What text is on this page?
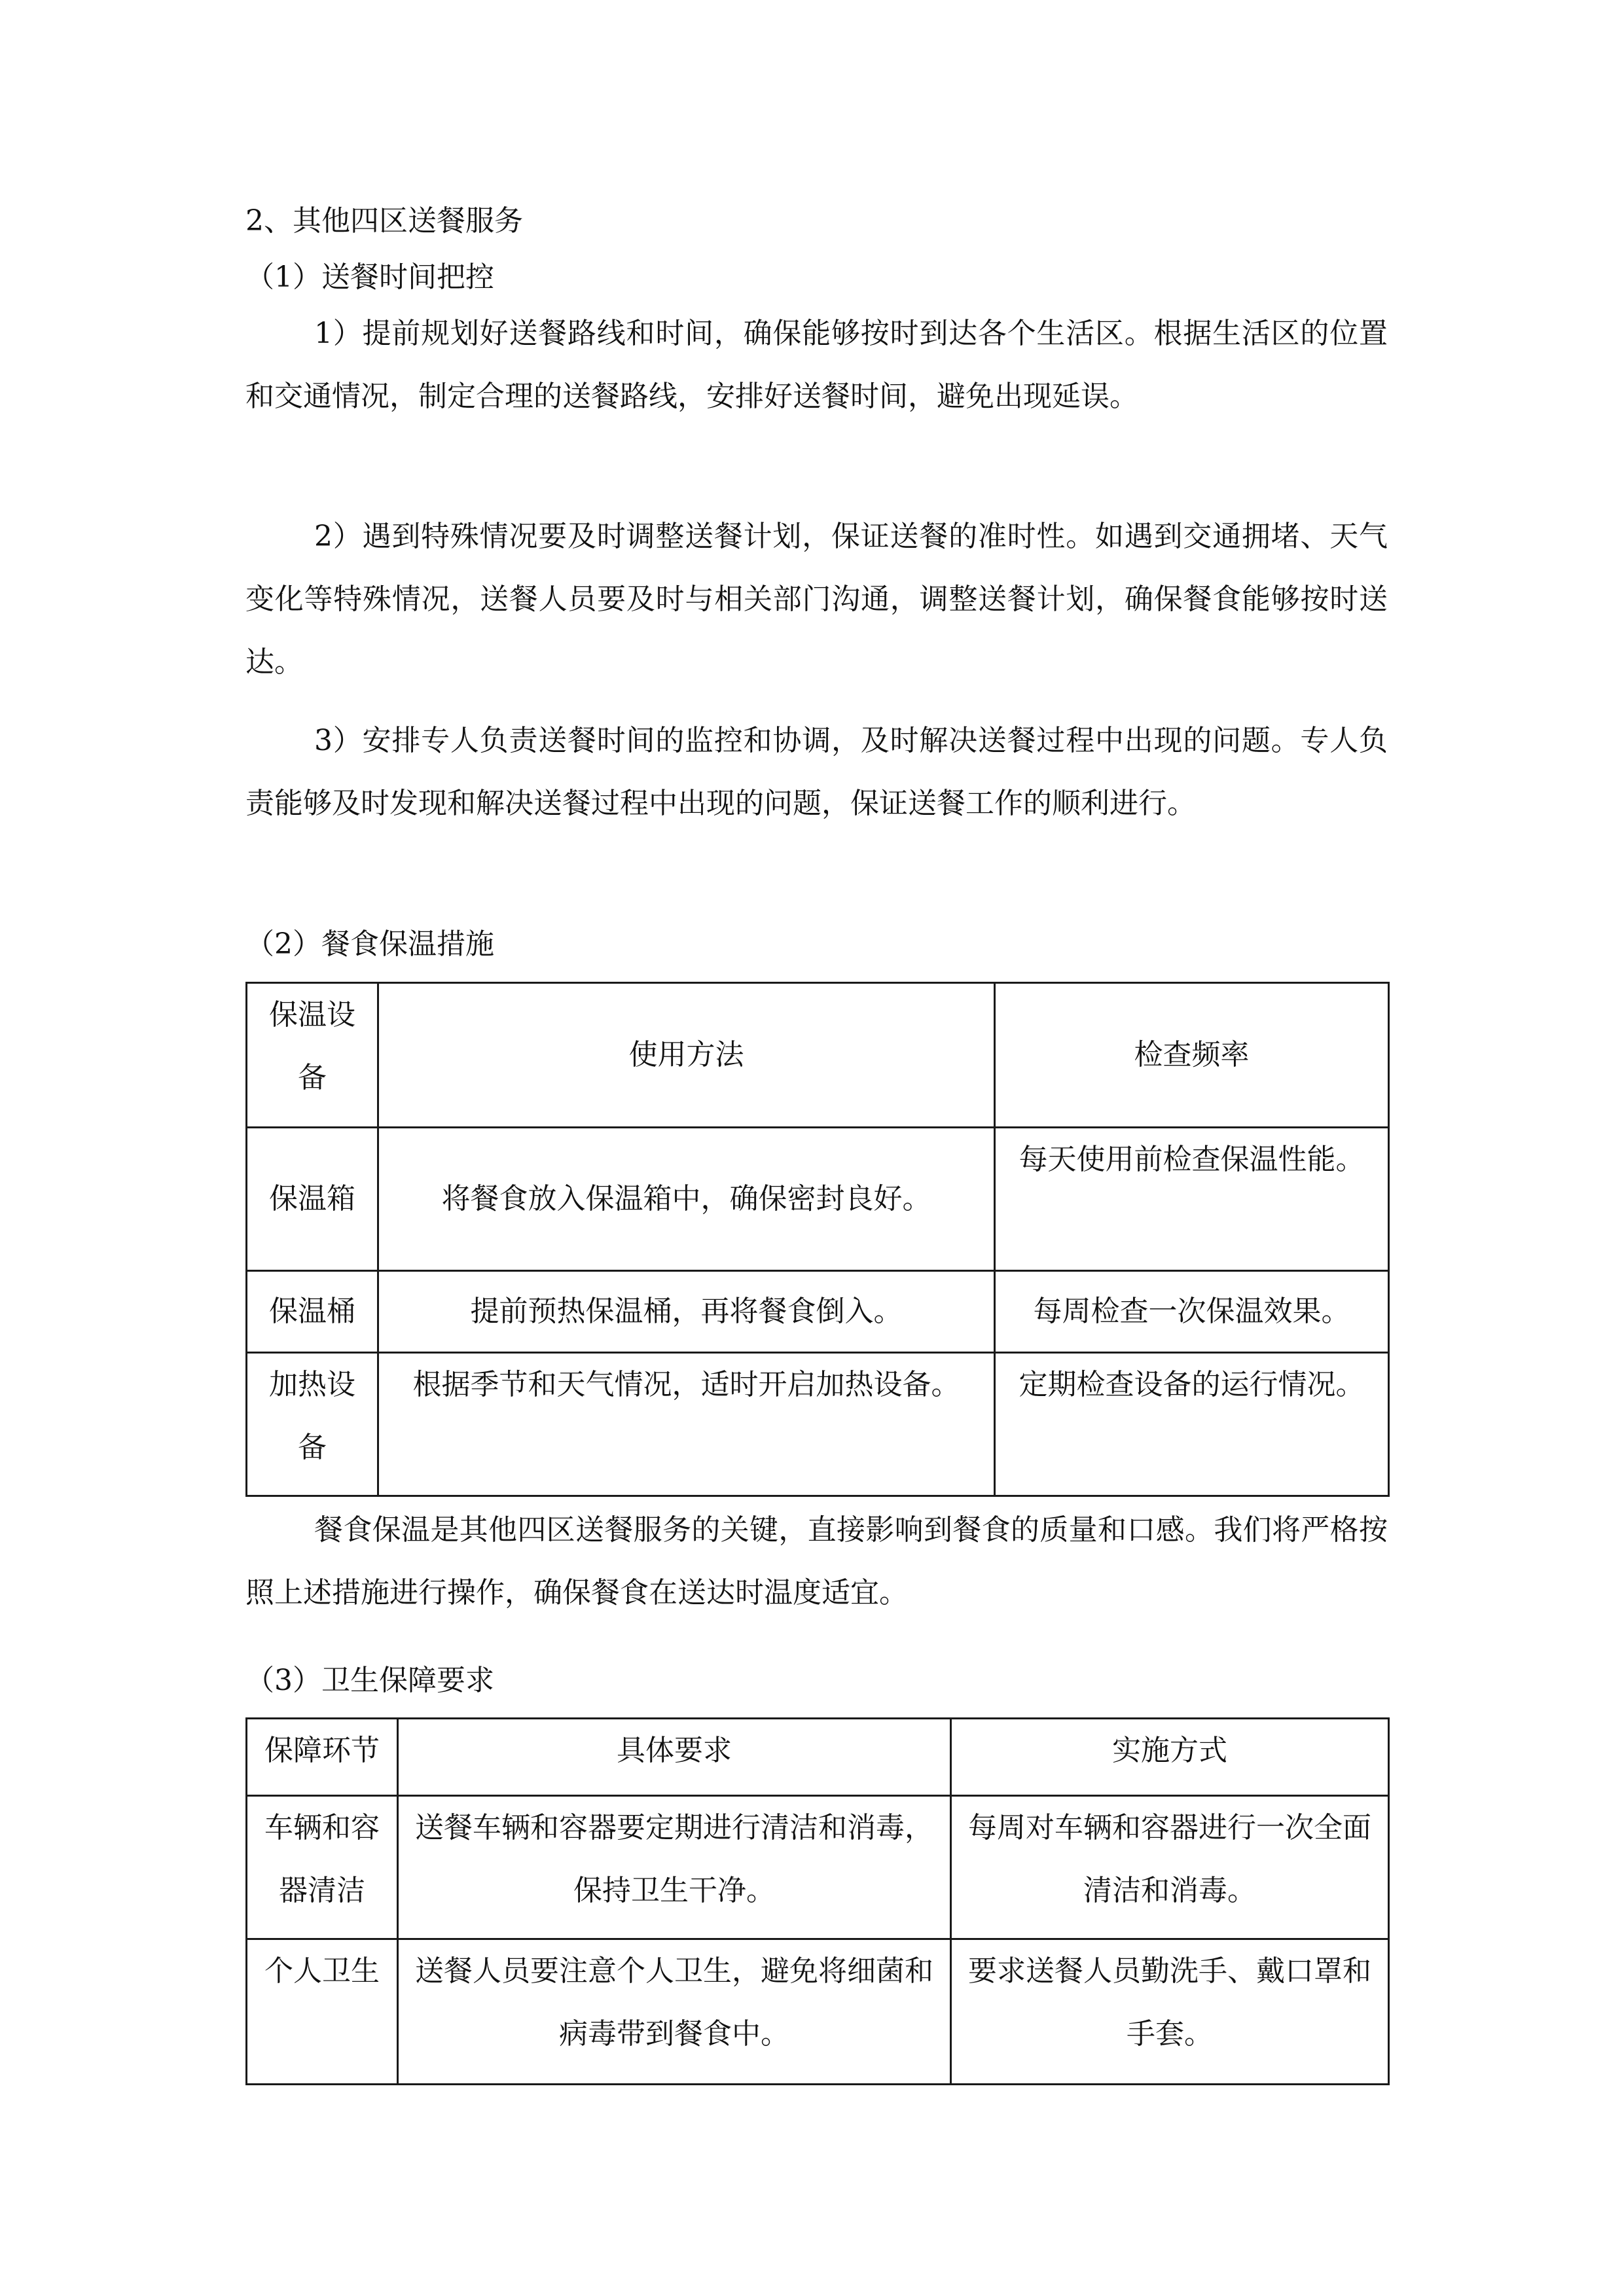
2、其他四区送餐服务
（1）送餐时间把控
1）提前规划好送餐路线和时间，确保能够按时到达各个生活区。根据生活区的位置和交通情况，制定合理的送餐路线，安排好送餐时间，避免出现延误。
2）遇到特殊情况要及时调整送餐计划，保证送餐的准时性。如遇到交通拥堵、天气变化等特殊情况，送餐人员要及时与相关部门沟通，调整送餐计划，确保餐食能够按时送达。
3）安排专人负责送餐时间的监控和协调，及时解决送餐过程中出现的问题。专人负责能够及时发现和解决送餐过程中出现的问题，保证送餐工作的顺利进行。
（2）餐食保温措施
保温设备	使用方法	检查频率
保温箱	将餐食放入保温箱中，确保密封良好。	每天使用前检查保温性能。
保温桶	提前预热保温桶，再将餐食倒入。	每周检查一次保温效果。
加热设备	根据季节和天气情况，适时开启加热设备。	定期检查设备的运行情况。
餐食保温是其他四区送餐服务的关键，直接影响到餐食的质量和口感。我们将严格按照上述措施进行操作，确保餐食在送达时温度适宜。
（3）卫生保障要求
保障环节	具体要求	实施方式
车辆和容器清洁	送餐车辆和容器要定期进行清洁和消毒，保持卫生干净。	每周对车辆和容器进行一次全面清洁和消毒。
个人卫生	送餐人员要注意个人卫生，避免将细菌和病毒带到餐食中。	要求送餐人员勤洗手、戴口罩和手套。
